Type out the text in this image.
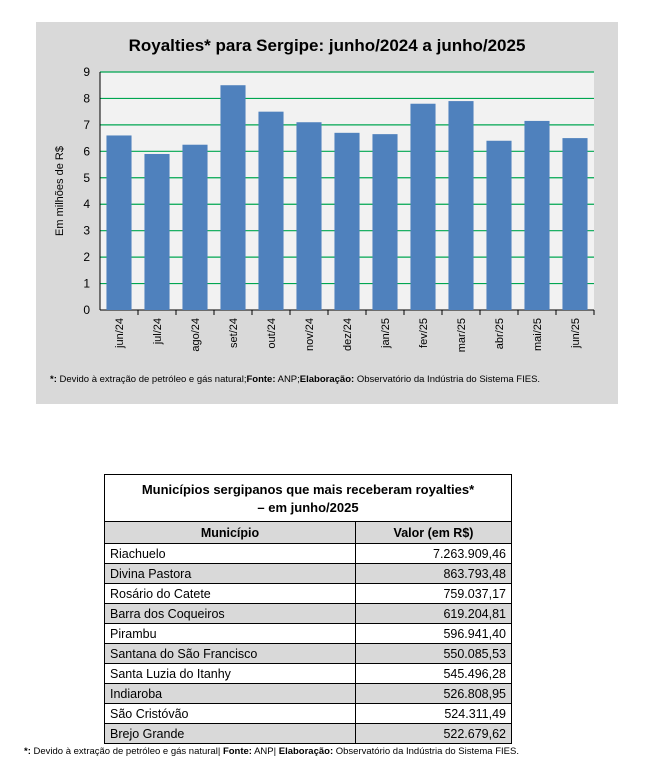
0
1
2
3
4
5
6
7
8
9
Em milhões de R$
jun/24 jul/24 ago/24 set/24 out/24 nov/24 dez/24 jan/25 fev/25 mar/25 abr/25 mai/25 jun/25
Royalties* para Sergipe: junho/2024 a junho/2025
*: Devido à extração de petróleo e gás natural;Fonte: ANP;Elaboração: Observatório da Indústria do Sistema FIES.
Municípios sergipanos que mais receberam royalties*
– em junho/2025
Município	Valor (em R$)
Riachuelo	7.263.909,46
Divina Pastora	863.793,48
Rosário do Catete	759.037,17
Barra dos Coqueiros	619.204,81
Pirambu	596.941,40
Santana do São Francisco	550.085,53
Santa Luzia do Itanhy	545.496,28
Indiaroba	526.808,95
São Cristóvão	524.311,49
Brejo Grande	522.679,62
*: Devido à extração de petróleo e gás natural| Fonte: ANP| Elaboração: Observatório da Indústria do Sistema FIES.
